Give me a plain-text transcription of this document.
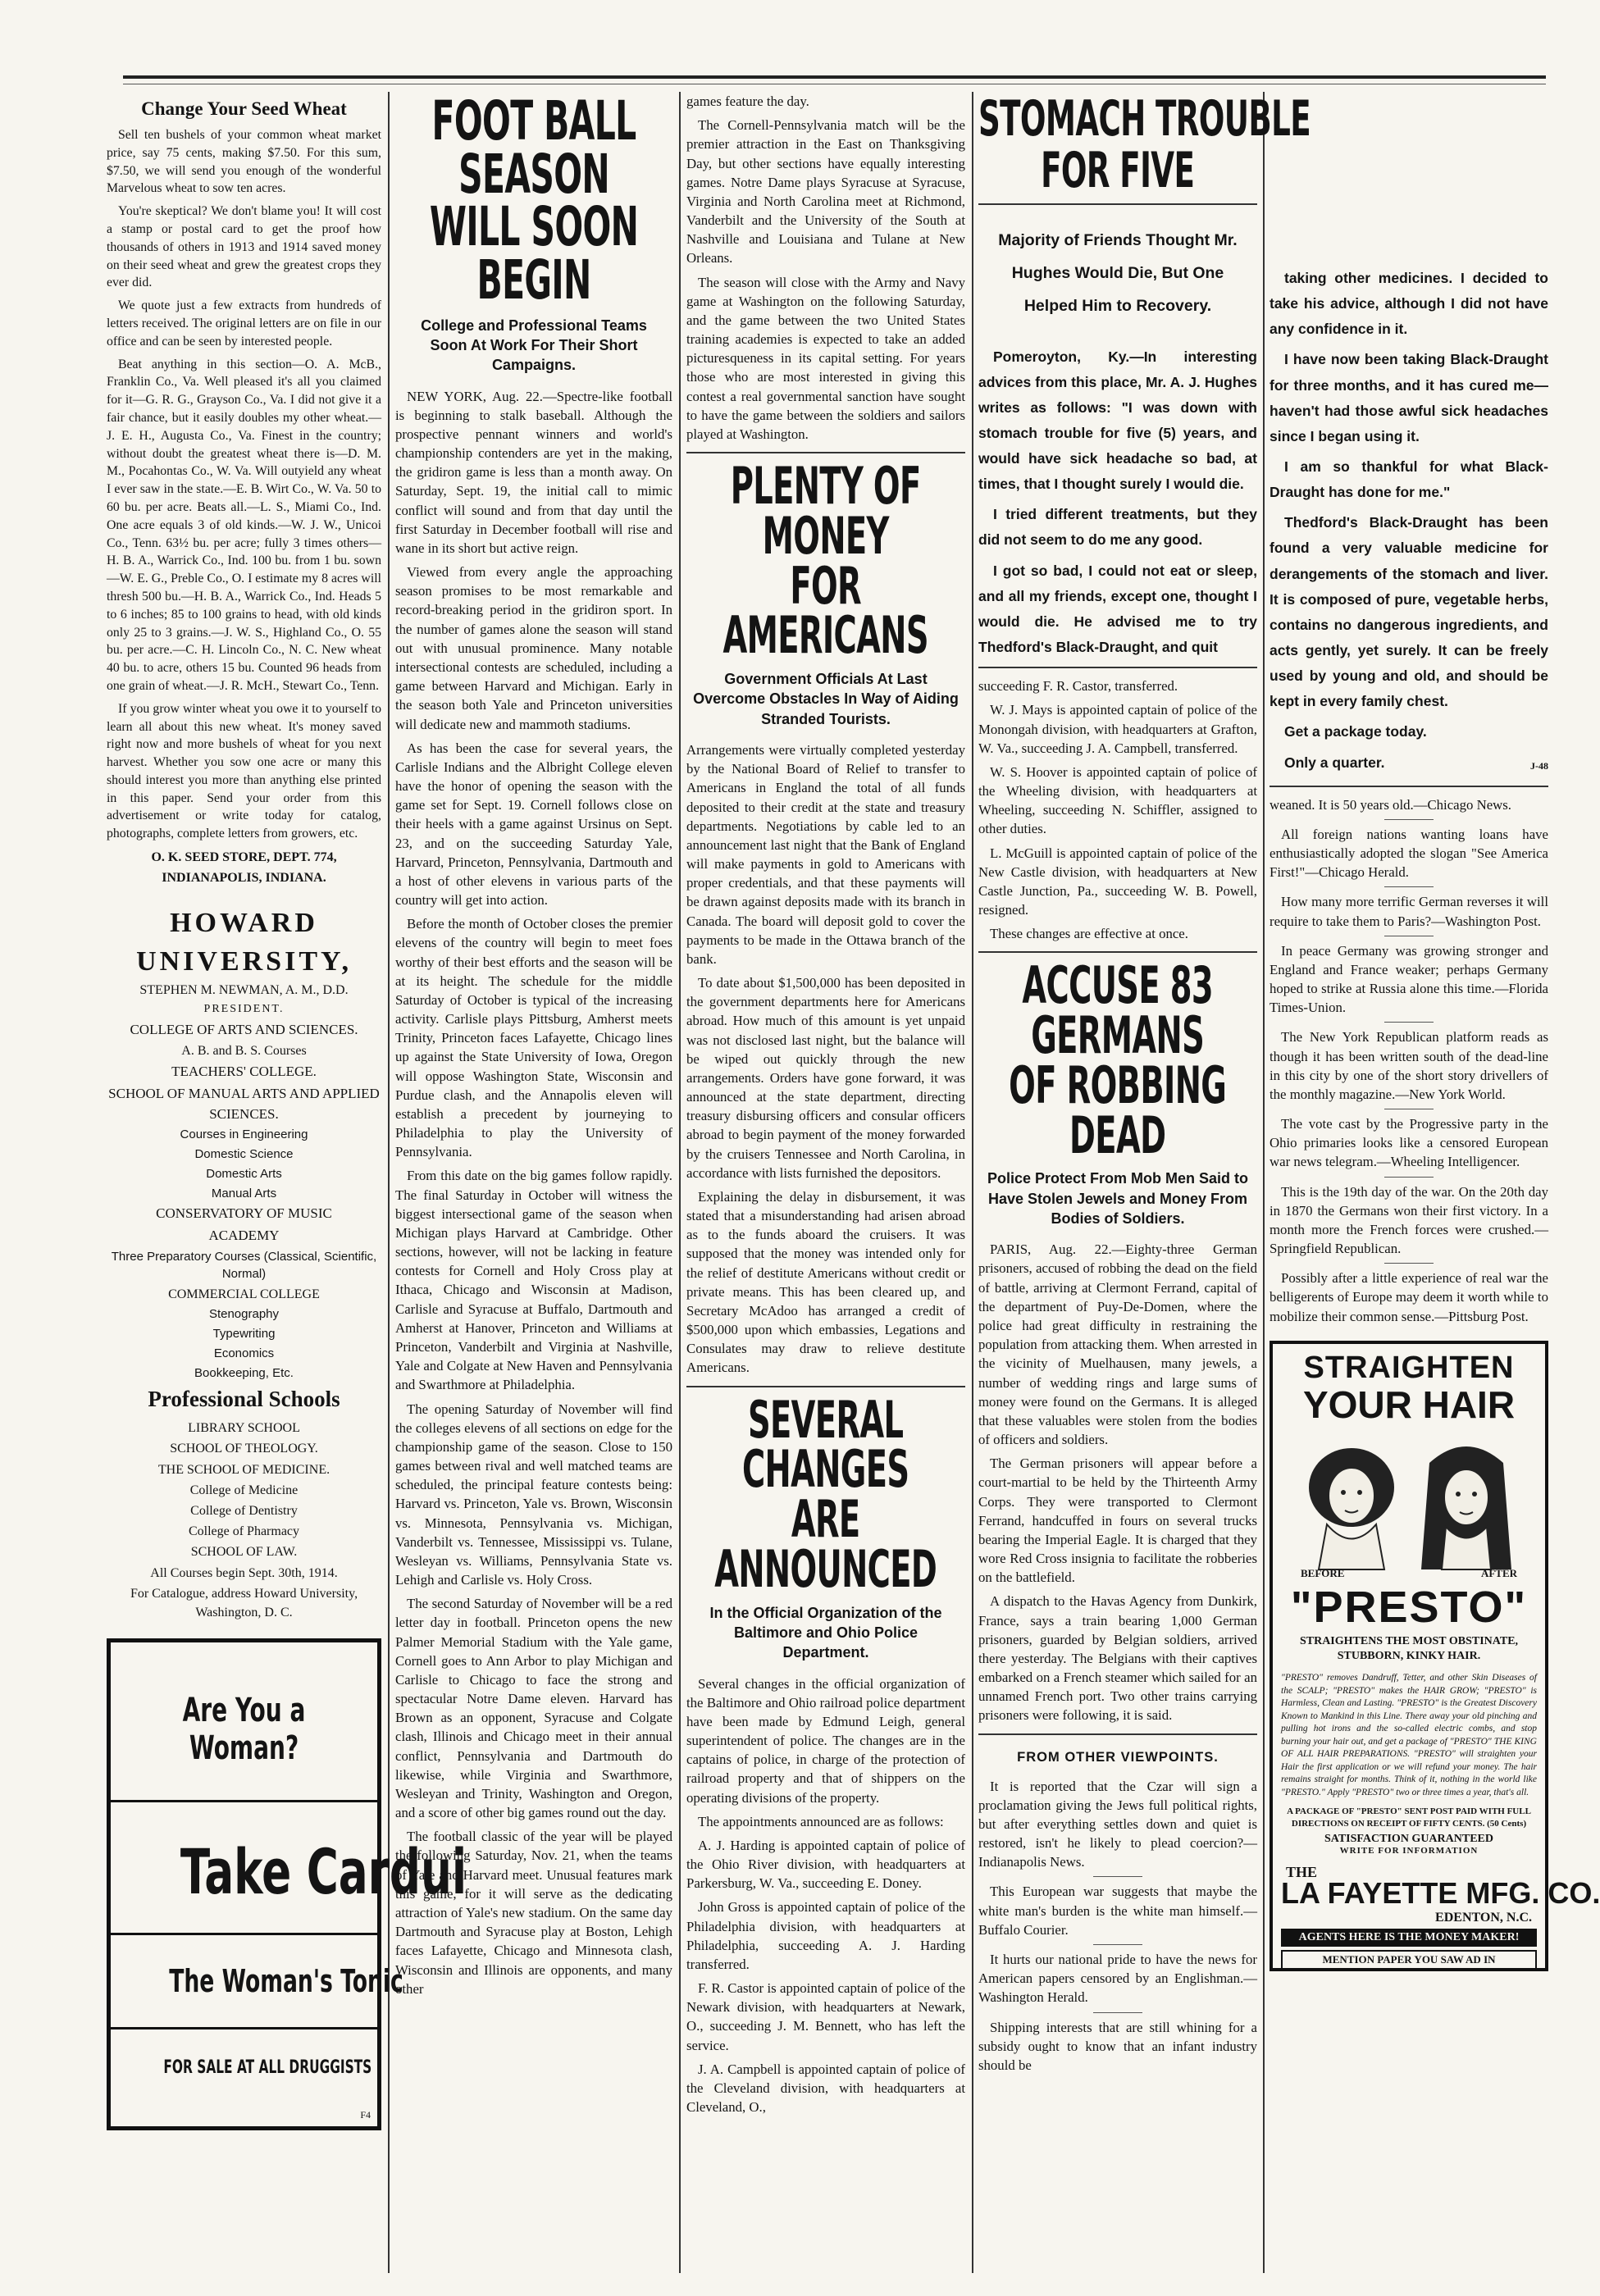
Change Your Seed Wheat

Sell ten bushels of your common wheat market price, say 75 cents, making $7.50. For this sum, $7.50, we will send you enough of the wonderful Marvelous wheat to sow ten acres.

You're skeptical? We don't blame you! It will cost a stamp or postal card to get the proof how thousands of others in 1913 and 1914 saved money on their seed wheat and grew the greatest crops they ever did.

We quote just a few extracts from hundreds of letters received. The original letters are on file in our office and can be seen by interested people.

Beat anything in this section—O. A. McB., Franklin Co., Va. Well pleased it's all you claimed for it—G. R. G., Grayson Co., Va. I did not give it a fair chance, but it easily doubles my other wheat.—J. E. H., Augusta Co., Va. Finest in the country; without doubt the greatest wheat there is—D. M. M., Pocahontas Co., W. Va. Will outyield any wheat I ever saw in the state.—E. B. Wirt Co., W. Va. 50 to 60 bu. per acre. Beats all.—L. S., Miami Co., Ind. One acre equals 3 of old kinds.—W. J. W., Unicoi Co., Tenn. 63½ bu. per acre; fully 3 times others—H. B. A., Warrick Co., Ind. 100 bu. from 1 bu. sown—W. E. G., Preble Co., O. I estimate my 8 acres will thresh 500 bu.—H. B. A., Warrick Co., Ind. Heads 5 to 6 inches; 85 to 100 grains to head, with old kinds only 25 to 3 grains.—J. W. S., Highland Co., O. 55 bu. per acre.—C. H. Lincoln Co., N. C. New wheat 40 bu. to acre, others 15 bu. Counted 96 heads from one grain of wheat.—J. R. McH., Stewart Co., Tenn.

If you grow winter wheat you owe it to yourself to learn all about this new wheat. It's money saved right now and more bushels of wheat for you next harvest. Whether you sow one acre or many this should interest you more than anything else printed in this paper. Send your order from this advertisement or write today for catalog, photographs, complete letters from growers, etc.

O. K. SEED STORE, DEPT. 774,
INDIANAPOLIS, INDIANA.
HOWARD
UNIVERSITY,
STEPHEN M. NEWMAN, A. M., D.D.
PRESIDENT.
COLLEGE OF ARTS AND SCIENCES.
A. B. and B. S. Courses
TEACHERS' COLLEGE.
SCHOOL OF MANUAL ARTS AND APPLIED SCIENCES.
Courses in Engineering
Domestic Science
Domestic Arts
Manual Arts
CONSERVATORY OF MUSIC
ACADEMY
Three Preparatory Courses (Classical, Scientific, Normal)
COMMERCIAL COLLEGE
Stenography
Typewriting
Economics
Bookkeeping, Etc.
Professional Schools
LIBRARY SCHOOL
SCHOOL OF THEOLOGY.
THE SCHOOL OF MEDICINE.
College of Medicine
College of Dentistry
College of Pharmacy
SCHOOL OF LAW.
All Courses begin Sept. 30th, 1914.
For Catalogue, address Howard University, Washington, D. C.
Are You a Woman?
Take Cardui
The Woman's Tonic
FOR SALE AT ALL DRUGGISTS
F4
FOOT BALL SEASON
WILL SOON BEGIN
College and Professional Teams Soon At Work For Their Short Campaigns.

NEW YORK, Aug. 22.—Spectre-like football is beginning to stalk baseball. Although the prospective pennant winners and world's championship contenders are yet in the making, the gridiron game is less than a month away. On Saturday, Sept. 19, the initial call to mimic conflict will sound and from that day until the first Saturday in December football will rise and wane in its short but active reign.

Viewed from every angle the approaching season promises to be most remarkable and record-breaking period in the gridiron sport. In the number of games alone the season will stand out with unusual prominence. Many notable intersectional contests are scheduled, including a game between Harvard and Michigan. Early in the season both Yale and Princeton universities will dedicate new and mammoth stadiums.

As has been the case for several years, the Carlisle Indians and the Albright College eleven have the honor of opening the season with the game set for Sept. 19. Cornell follows close on their heels with a game against Ursinus on Sept. 23, and on the succeeding Saturday Yale, Harvard, Princeton, Pennsylvania, Dartmouth and a host of other elevens in various parts of the country will get into action.

Before the month of October closes the premier elevens of the country will begin to meet foes worthy of their best efforts and the season will be at its height. The schedule for the middle Saturday of October is typical of the increasing activity. Carlisle plays Pittsburg, Amherst meets Trinity, Princeton faces Lafayette, Chicago lines up against the State University of Iowa, Oregon will oppose Washington State, Wisconsin and Purdue clash, and the Annapolis eleven will establish a precedent by journeying to Philadelphia to play the University of Pennsylvania.

From this date on the big games follow rapidly. The final Saturday in October will witness the biggest intersectional game of the season when Michigan plays Harvard at Cambridge. Other sections, however, will not be lacking in feature contests for Cornell and Holy Cross play at Ithaca, Chicago and Wisconsin at Madison, Carlisle and Syracuse at Buffalo, Dartmouth and Amherst at Hanover, Princeton and Williams at Princeton, Vanderbilt and Virginia at Nashville, Yale and Colgate at New Haven and Pennsylvania and Swarthmore at Philadelphia.

The opening Saturday of November will find the colleges elevens of all sections on edge for the championship game of the season. Close to 150 games between rival and well matched teams are scheduled, the principal feature contests being: Harvard vs. Princeton, Yale vs. Brown, Wisconsin vs. Minnesota, Pennsylvania vs. Michigan, Vanderbilt vs. Tennessee, Mississippi vs. Tulane, Wesleyan vs. Williams, Pennsylvania State vs. Lehigh and Carlisle vs. Holy Cross.

The second Saturday of November will be a red letter day in football. Princeton opens the new Palmer Memorial Stadium with the Yale game, Cornell goes to Ann Arbor to play Michigan and Carlisle to Chicago to face the strong and spectacular Notre Dame eleven. Harvard has Brown as an opponent, Syracuse and Colgate clash, Illinois and Chicago meet in their annual conflict, Pennsylvania and Dartmouth do likewise, while Virginia and Swarthmore, Wesleyan and Trinity, Washington and Oregon, and a score of other big games round out the day.

The football classic of the year will be played the following Saturday, Nov. 21, when the teams of Yale and Harvard meet. Unusual features mark this game, for it will serve as the dedicating attraction of Yale's new stadium. On the same day Dartmouth and Syracuse play at Boston, Lehigh faces Lafayette, Chicago and Minnesota clash, Wisconsin and Illinois are opponents, and many other

games feature the day.

The Cornell-Pennsylvania match will be the premier attraction in the East on Thanksgiving Day, but other sections have equally interesting games. Notre Dame plays Syracuse at Syracuse, Virginia and North Carolina meet at Richmond, Vanderbilt and the University of the South at Nashville and Louisiana and Tulane at New Orleans.

The season will close with the Army and Navy game at Washington on the following Saturday, and the game between the two United States training academies is expected to take an added picturesqueness in its capital setting. For years those who are most interested in giving this contest a real governmental sanction have sought to have the game between the soldiers and sailors played at Washington.

PLENTY OF MONEY
FOR AMERICANS
Government Officials At Last Overcome Obstacles In Way of Aiding Stranded Tourists.

Arrangements were virtually completed yesterday by the National Board of Relief to transfer to Americans in England the total of all funds deposited to their credit at the state and treasury departments. Negotiations by cable led to an announcement last night that the Bank of England will make payments in gold to Americans with proper credentials, and that these payments will be drawn against deposits made with its branch in Canada. The board will deposit gold to cover the payments to be made in the Ottawa branch of the bank.

To date about $1,500,000 has been deposited in the government departments here for Americans abroad. How much of this amount is yet unpaid was not disclosed last night, but the balance will be wiped out quickly through the new arrangements. Orders have gone forward, it was announced at the state department, directing treasury disbursing officers and consular officers abroad to begin payment of the money forwarded by the cruisers Tennessee and North Carolina, in accordance with lists furnished the depositors.

Explaining the delay in disbursement, it was stated that a misunderstanding had arisen abroad as to the funds aboard the cruisers. It was supposed that the money was intended only for the relief of destitute Americans without credit or private means. This has been cleared up, and Secretary McAdoo has arranged a credit of $500,000 upon which embassies, Legations and Consulates may draw to relieve destitute Americans.

SEVERAL CHANGES
ARE ANNOUNCED
In the Official Organization of the Baltimore and Ohio Police Department.

Several changes in the official organization of the Baltimore and Ohio railroad police department have been made by Edmund Leigh, general superintendent of police. The changes are in the captains of police, in charge of the protection of railroad property and that of shippers on the operating divisions of the property.

The appointments announced are as follows:

A. J. Harding is appointed captain of police of the Ohio River division, with headquarters at Parkersburg, W. Va., succeeding E. Doney.

John Gross is appointed captain of police of the Philadelphia division, with headquarters at Philadelphia, succeeding A. J. Harding transferred.

F. R. Castor is appointed captain of police of the Newark division, with headquarters at Newark, O., succeeding J. M. Bennett, who has left the service.

J. A. Campbell is appointed captain of police of the Cleveland division, with headquarters at Cleveland, O.,

STOMACH TROUBLE
FOR FIVE
Majority of Friends Thought Mr. Hughes Would Die, But One Helped Him to Recovery.

Pomeroyton, Ky.—In interesting advices from this place, Mr. A. J. Hughes writes as follows: "I was down with stomach trouble for five (5) years, and would have sick headache so bad, at times, that I thought surely I would die.

I tried different treatments, but they did not seem to do me any good.

I got so bad, I could not eat or sleep, and all my friends, except one, thought I would die. He advised me to try Thedford's Black-Draught, and quit

succeeding F. R. Castor, transferred.

W. J. Mays is appointed captain of police of the Monongah division, with headquarters at Grafton, W. Va., succeeding J. A. Campbell, transferred.

W. S. Hoover is appointed captain of police of the Wheeling division, with headquarters at Wheeling, succeeding N. Schiffler, assigned to other duties.

L. McGuill is appointed captain of police of the New Castle division, with headquarters at New Castle Junction, Pa., succeeding W. B. Powell, resigned.

These changes are effective at once.

ACCUSE 83 GERMANS
OF ROBBING DEAD
Police Protect From Mob Men Said to Have Stolen Jewels and Money From Bodies of Soldiers.

PARIS, Aug. 22.—Eighty-three German prisoners, accused of robbing the dead on the field of battle, arriving at Clermont Ferrand, capital of the department of Puy-De-Domen, where the police had great difficulty in restraining the population from attacking them. When arrested in the vicinity of Muelhausen, many jewels, a number of wedding rings and large sums of money were found on the Germans. It is alleged that these valuables were stolen from the bodies of officers and soldiers.

The German prisoners will appear before a court-martial to be held by the Thirteenth Army Corps. They were transported to Clermont Ferrand, handcuffed in fours on several trucks bearing the Imperial Eagle. It is charged that they wore Red Cross insignia to facilitate the robberies on the battlefield.

A dispatch to the Havas Agency from Dunkirk, France, says a train bearing 1,000 German prisoners, guarded by Belgian soldiers, arrived there yesterday. The Belgians with their captives embarked on a French steamer which sailed for an unnamed French port. Two other trains carrying prisoners were following, it is said.

FROM OTHER VIEWPOINTS.

It is reported that the Czar will sign a proclamation giving the Jews full political rights, but after everything settles down and quiet is restored, isn't he likely to plead coercion?—Indianapolis News.

This European war suggests that maybe the white man's burden is the white man himself.—Buffalo Courier.

It hurts our national pride to have the news for American papers censored by an Englishman.—Washington Herald.

Shipping interests that are still whining for a subsidy ought to know that an infant industry should be

taking other medicines. I decided to take his advice, although I did not have any confidence in it.

I have now been taking Black-Draught for three months, and it has cured me—haven't had those awful sick headaches since I began using it.

I am so thankful for what Black-Draught has done for me."

Thedford's Black-Draught has been found a very valuable medicine for derangements of the stomach and liver. It is composed of pure, vegetable herbs, contains no dangerous ingredients, and acts gently, yet surely. It can be freely used by young and old, and should be kept in every family chest.

Get a package today.

Only a quarter.	J-48

weaned. It is 50 years old.—Chicago News.

All foreign nations wanting loans have enthusiastically adopted the slogan "See America First!"—Chicago Herald.

How many more terrific German reverses it will require to take them to Paris?—Washington Post.

In peace Germany was growing stronger and England and France weaker; perhaps Germany hoped to strike at Russia alone this time.—Florida Times-Union.

The New York Republican platform reads as though it has been written south of the dead-line in this city by one of the short story drivellers of the monthly magazine.—New York World.

The vote cast by the Progressive party in the Ohio primaries looks like a censored European war news telegram.—Wheeling Intelligencer.

This is the 19th day of the war. On the 20th day in 1870 the Germans won their first victory. In a month more the French forces were crushed.—Springfield Republican.

Possibly after a little experience of real war the belligerents of Europe may deem it worth while to mobilize their common sense.—Pittsburg Post.

STRAIGHTEN
YOUR HAIR
BEFORE	AFTER
"PRESTO"
STRAIGHTENS THE MOST OBSTINATE, STUBBORN, KINKY HAIR.
"PRESTO" removes Dandruff, Tetter, and other Skin Diseases of the SCALP; "PRESTO" makes the HAIR GROW; "PRESTO" is Harmless, Clean and Lasting. "PRESTO" is the Greatest Discovery Known to Mankind in this Line. There away your old pinching and pulling hot irons and the so-called electric combs, and stop burning your hair out, and get a package of "PRESTO" THE KING OF ALL HAIR PREPARATIONS. "PRESTO" will straighten your Hair the first application or we will refund your money. The hair remains straight for months. Think of it, nothing in the world like "PRESTO." Apply "PRESTO" two or three times a year, that's all.
A PACKAGE OF "PRESTO" SENT POST PAID WITH FULL DIRECTIONS ON RECEIPT OF FIFTY CENTS. (50 Cents)
SATISFACTION GUARANTEED
WRITE FOR INFORMATION
THE
LA FAYETTE MFG. CO.
EDENTON, N.C.
AGENTS HERE IS THE MONEY MAKER!
MENTION PAPER YOU SAW AD IN
